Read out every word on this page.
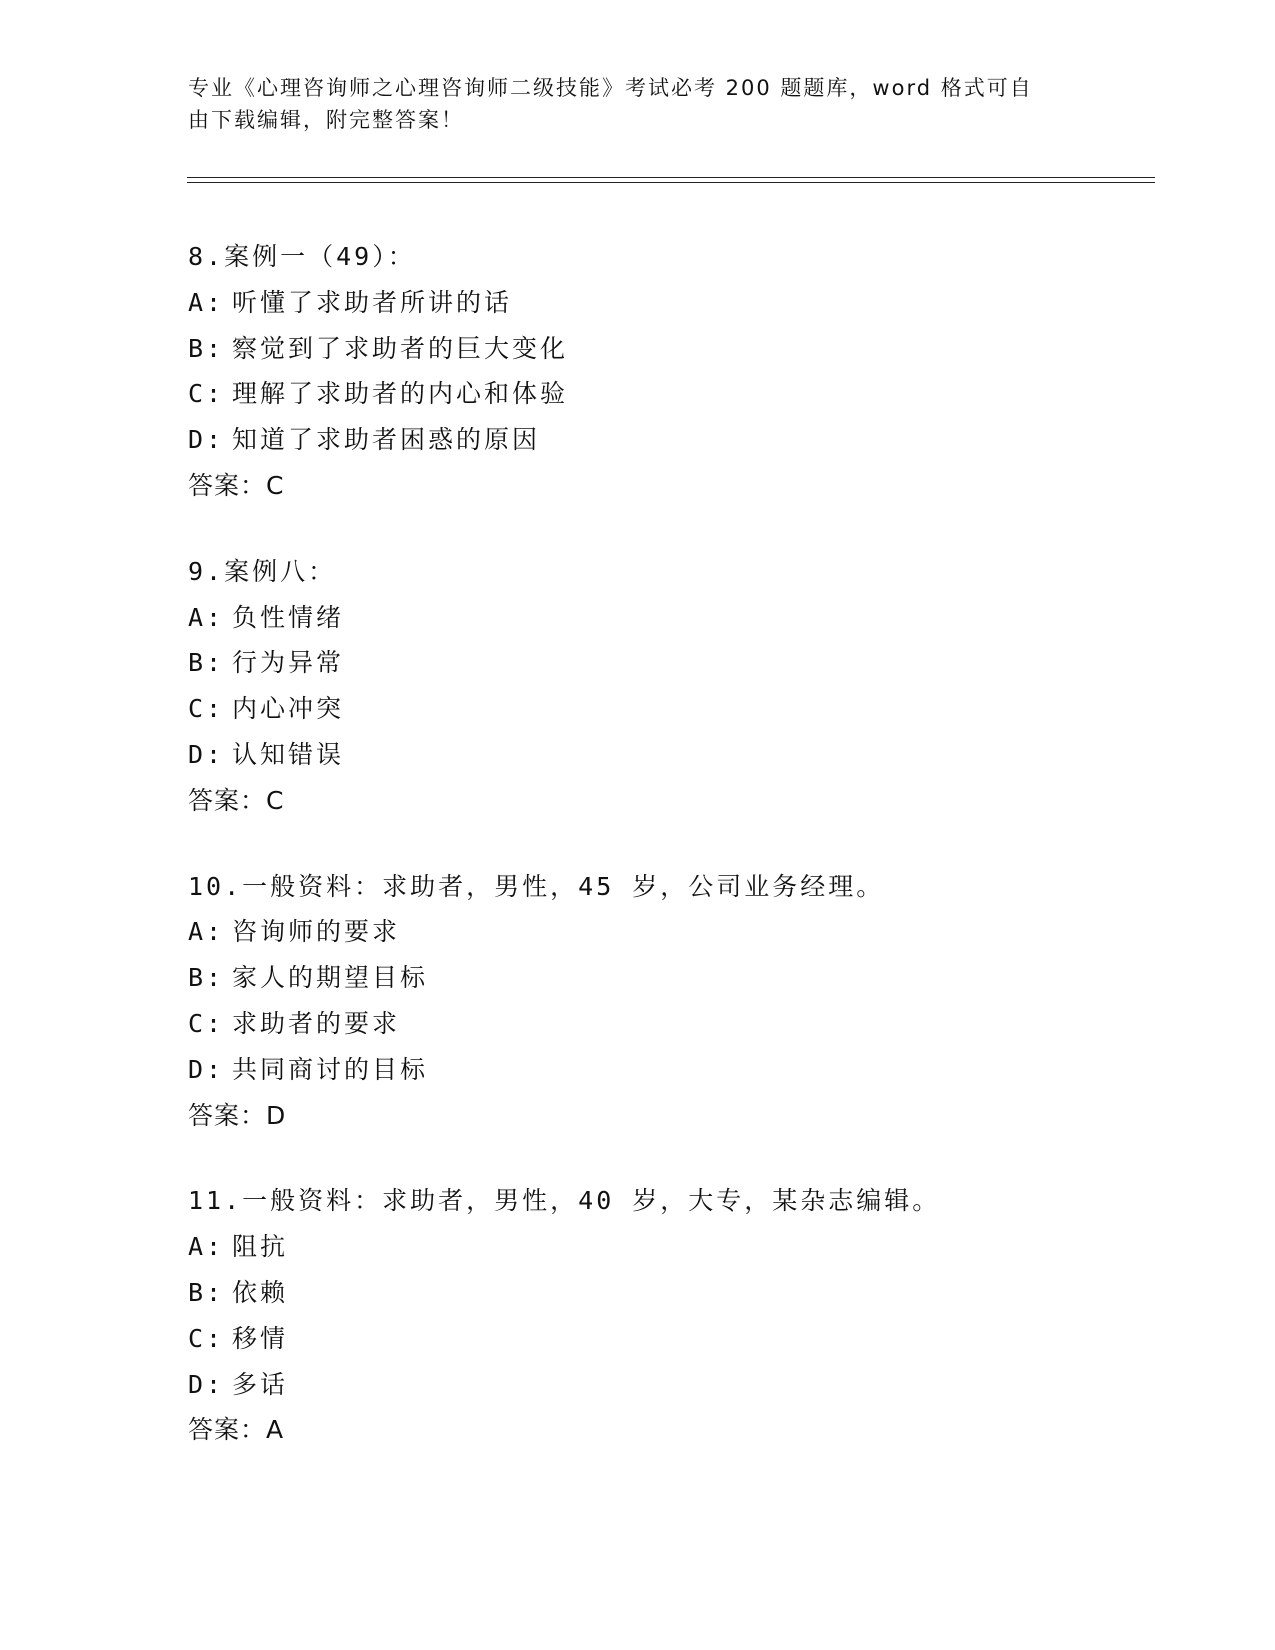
专业《心理咨询师之心理咨询师二级技能》考试必考 200 题题库，word 格式可自
由下载编辑，附完整答案！
8.案例一（49）：
A: 听懂了求助者所讲的话
B: 察觉到了求助者的巨大变化
C: 理解了求助者的内心和体验
D: 知道了求助者困惑的原因
答案：C
9.案例八：
A: 负性情绪
B: 行为异常
C: 内心冲突
D: 认知错误
答案：C
10.一般资料：求助者，男性，45 岁，公司业务经理。
A: 咨询师的要求
B: 家人的期望目标
C: 求助者的要求
D: 共同商讨的目标
答案：D
11.一般资料：求助者，男性，40 岁，大专，某杂志编辑。
A: 阻抗
B: 依赖
C: 移情
D: 多话
答案：A
